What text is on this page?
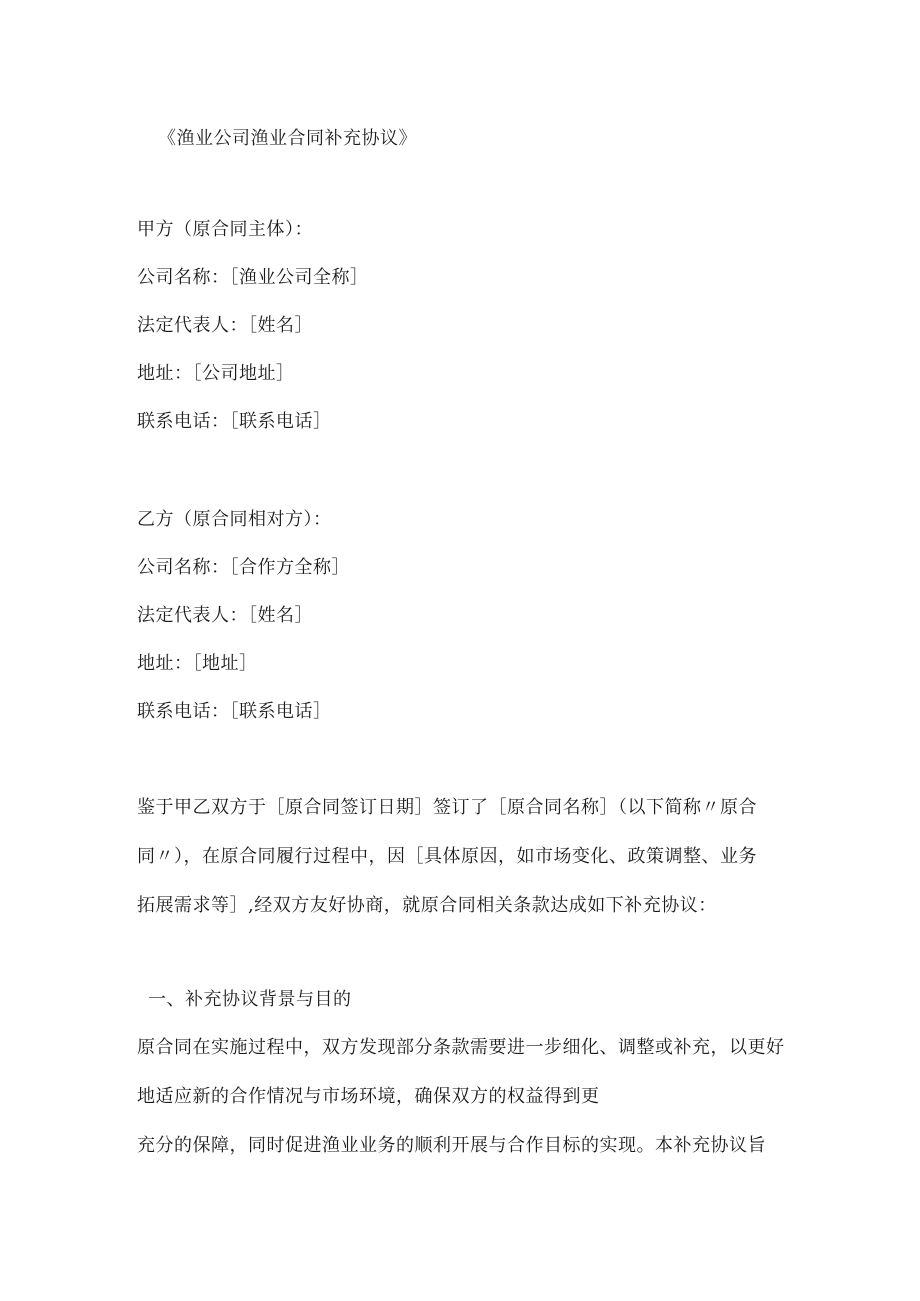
《渔业公司渔业合同补充协议》
甲方（原合同主体）：
公司名称：［渔业公司全称］
法定代表人：［姓名］
地址：［公司地址］
联系电话：［联系电话］
乙方（原合同相对方）：
公司名称：［合作方全称］
法定代表人：［姓名］
地址：［地址］
联系电话：［联系电话］
鉴于甲乙双方于［原合同签订日期］签订了［原合同名称］（以下简称〃原合
同〃），在原合同履行过程中，因［具体原因，如市场变化、政策调整、业务
拓展需求等］,经双方友好协商，就原合同相关条款达成如下补充协议：
一、补充协议背景与目的
原合同在实施过程中，双方发现部分条款需要进一步细化、调整或补充，以更好
地适应新的合作情况与市场环境，确保双方的权益得到更
充分的保障，同时促进渔业业务的顺利开展与合作目标的实现。本补充协议旨
